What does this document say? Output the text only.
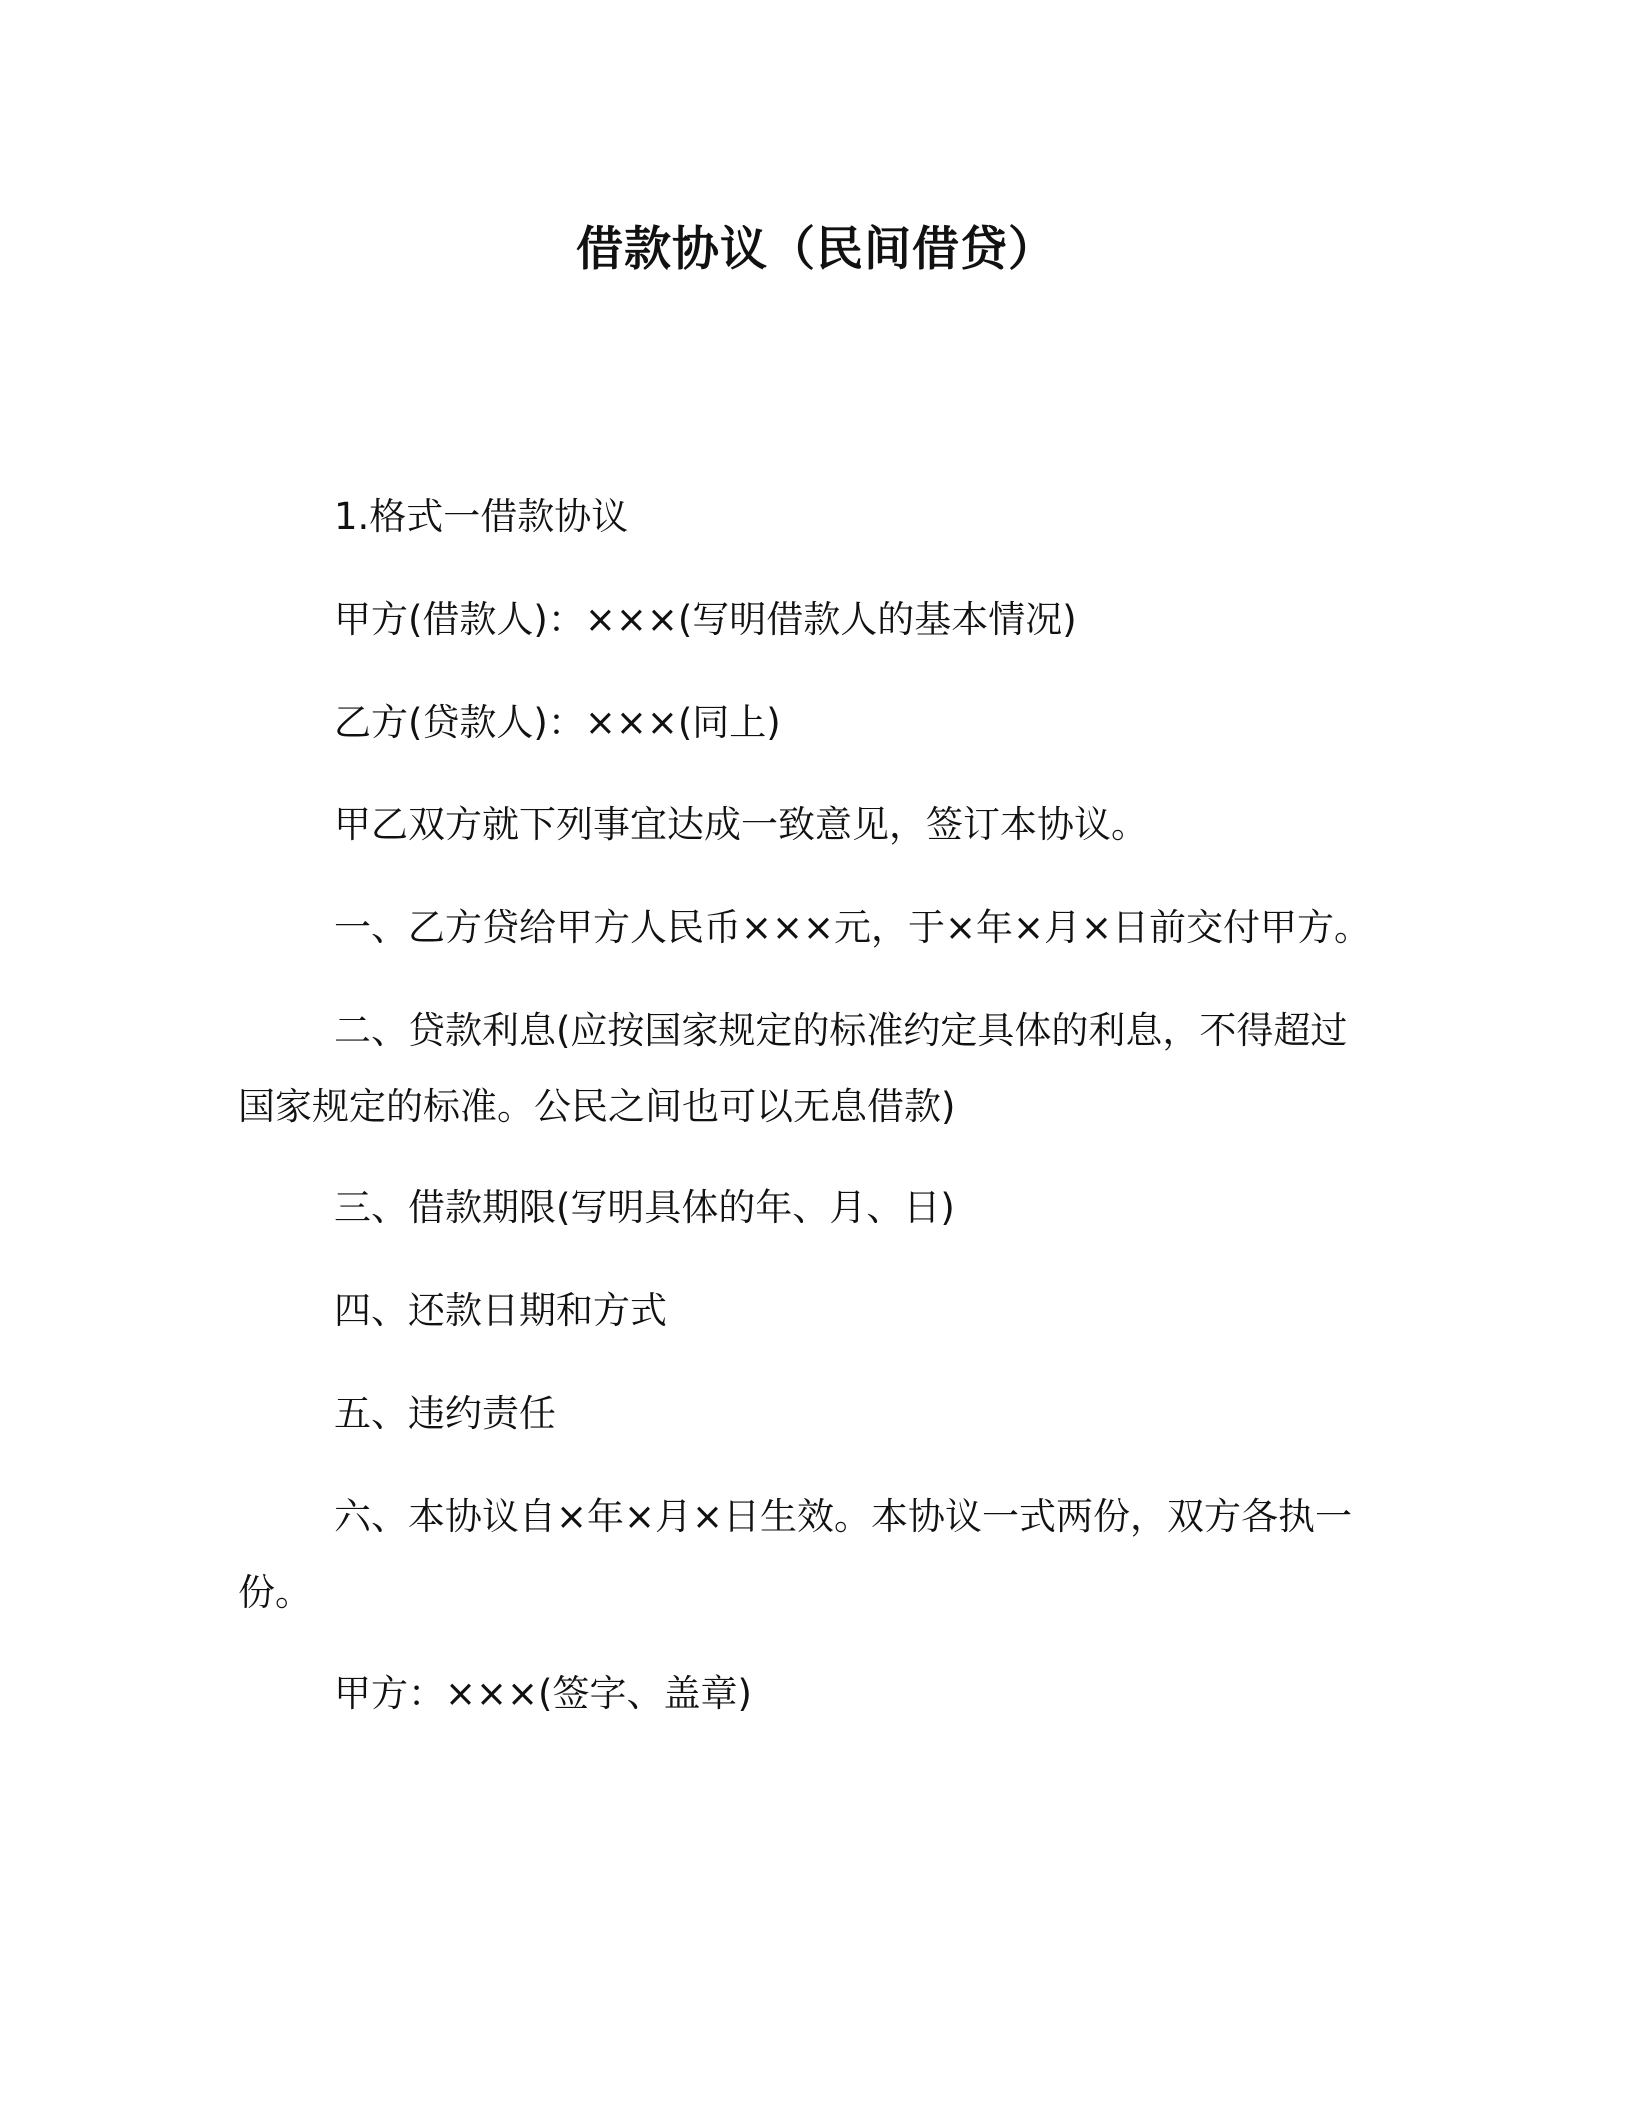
借款协议（民间借贷）

1.格式一借款协议

甲方(借款人)：×××(写明借款人的基本情况)

乙方(贷款人)：×××(同上)

甲乙双方就下列事宜达成一致意见，签订本协议。

一、乙方贷给甲方人民币×××元，于×年×月×日前交付甲方。

二、贷款利息(应按国家规定的标准约定具体的利息，不得超过国家规定的标准。公民之间也可以无息借款)

三、借款期限(写明具体的年、月、日)

四、还款日期和方式

五、违约责任

六、本协议自×年×月×日生效。本协议一式两份，双方各执一份。

甲方：×××(签字、盖章)
